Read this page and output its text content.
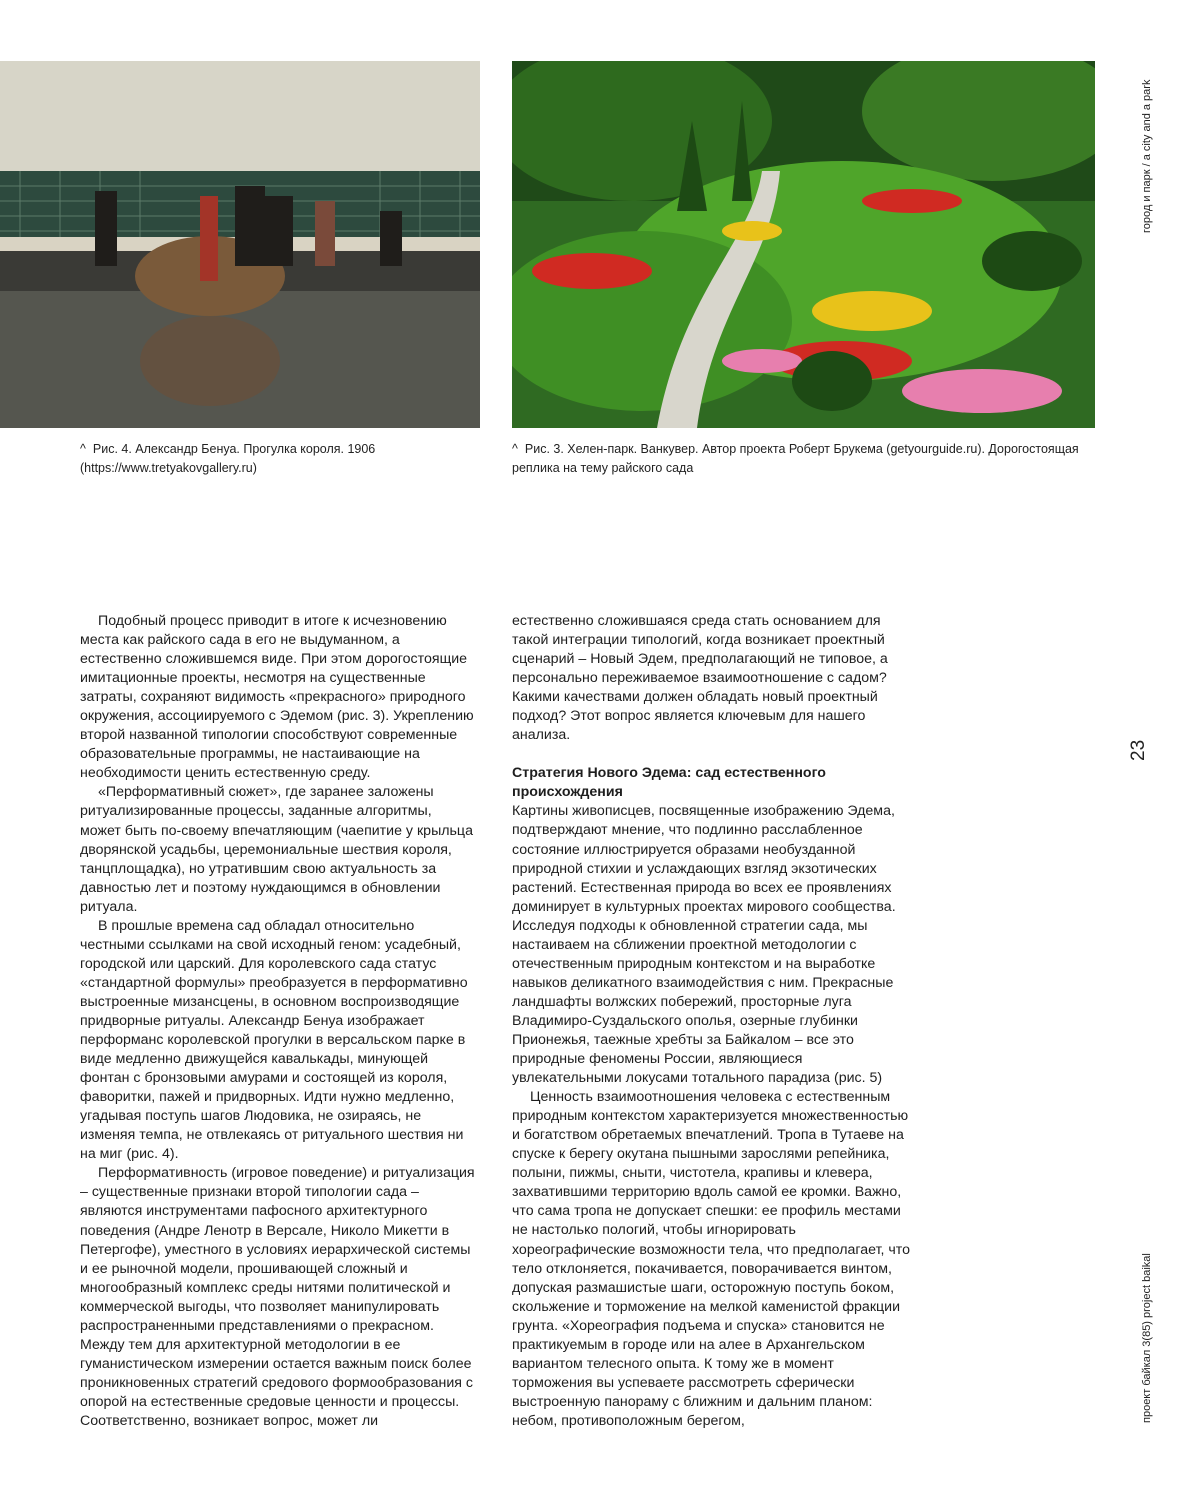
^ Рис. 4. Александр Бенуа. Прогулка короля. 1906 (https://www.tretyakovgallery.ru)
^ Рис. 3. Хелен-парк. Ванкувер. Автор проекта Роберт Брукема (getyourguide.ru). Дорогостоящая реплика на тему райского сада

Подобный процесс приводит в итоге к исчезновению места как райского сада в его не выдуманном, а естественно сложившемся виде. При этом дорогостоящие имитационные проекты, несмотря на существенные затраты, сохраняют видимость «прекрасного» природного окружения, ассоциируемого с Эдемом (рис. 3). Укреплению второй названной типологии способствуют современные образовательные программы, не настаивающие на необходимости ценить естественную среду.

«Перформативный сюжет», где заранее заложены ритуализированные процессы, заданные алгоритмы, может быть по-своему впечатляющим (чаепитие у крыльца дворянской усадьбы, церемониальные шествия короля, танцплощадка), но утратившим свою актуальность за давностью лет и поэтому нуждающимся в обновлении ритуала.

В прошлые времена сад обладал относительно честными ссылками на свой исходный геном: усадебный, городской или царский. Для королевского сада статус «стандартной формулы» преобразуется в перформативно выстроенные мизансцены, в основном воспроизводящие придворные ритуалы. Александр Бенуа изображает перформанс королевской прогулки в версальском парке в виде медленно движущейся кавалькады, минующей фонтан с бронзовыми амурами и состоящей из короля, фаворитки, пажей и придворных. Идти нужно медленно, угадывая поступь шагов Людовика, не озираясь, не изменяя темпа, не отвлекаясь от ритуального шествия ни на миг (рис. 4).

Перформативность (игровое поведение) и ритуализация – существенные признаки второй типологии сада – являются инструментами пафосного архитектурного поведения (Андре Ленотр в Версале, Николо Микетти в Петергофе), уместного в условиях иерархической системы и ее рыночной модели, прошивающей сложный и многообразный комплекс среды нитями политической и коммерческой выгоды, что позволяет манипулировать распространенными представлениями о прекрасном. Между тем для архитектурной методологии в ее гуманистическом измерении остается важным поиск более проникновенных стратегий средового формообразования с опорой на естественные средовые ценности и процессы. Соответственно, возникает вопрос, может ли

естественно сложившаяся среда стать основанием для такой интеграции типологий, когда возникает проектный сценарий – Новый Эдем, предполагающий не типовое, а персонально переживаемое взаимоотношение с садом? Какими качествами должен обладать новый проектный подход? Этот вопрос является ключевым для нашего анализа.

Стратегия Нового Эдема: сад естественного происхождения

Картины живописцев, посвященные изображению Эдема, подтверждают мнение, что подлинно расслабленное состояние иллюстрируется образами необузданной природной стихии и услаждающих взгляд экзотических растений. Естественная природа во всех ее проявлениях доминирует в культурных проектах мирового сообщества. Исследуя подходы к обновленной стратегии сада, мы настаиваем на сближении проектной методологии с отечественным природным контекстом и на выработке навыков деликатного взаимодействия с ним. Прекрасные ландшафты волжских побережий, просторные луга Владимиро-Суздальского ополья, озерные глубинки Прионежья, таежные хребты за Байкалом – все это природные феномены России, являющиеся увлекательными локусами тотального парадиза (рис. 5)

Ценность взаимоотношения человека с естественным природным контекстом характеризуется множественностью и богатством обретаемых впечатлений. Тропа в Тутаеве на спуске к берегу окутана пышными зарослями репейника, полыни, пижмы, сныти, чистотела, крапивы и клевера, захватившими территорию вдоль самой ее кромки. Важно, что сама тропа не допускает спешки: ее профиль местами не настолько пологий, чтобы игнорировать хореографические возможности тела, что предполагает, что тело отклоняется, покачивается, поворачивается винтом, допуская размашистые шаги, осторожную поступь боком, скольжение и торможение на мелкой каменистой фракции грунта. «Хореография подъема и спуска» становится не практикуемым в городе или на алее в Архангельском вариантом телесного опыта. К тому же в момент торможения вы успеваете рассмотреть сферически выстроенную панораму с ближним и дальним планом: небом, противоположным берегом,

город и парк / a city and a park
23
проект байкал 3(85) project baikal
